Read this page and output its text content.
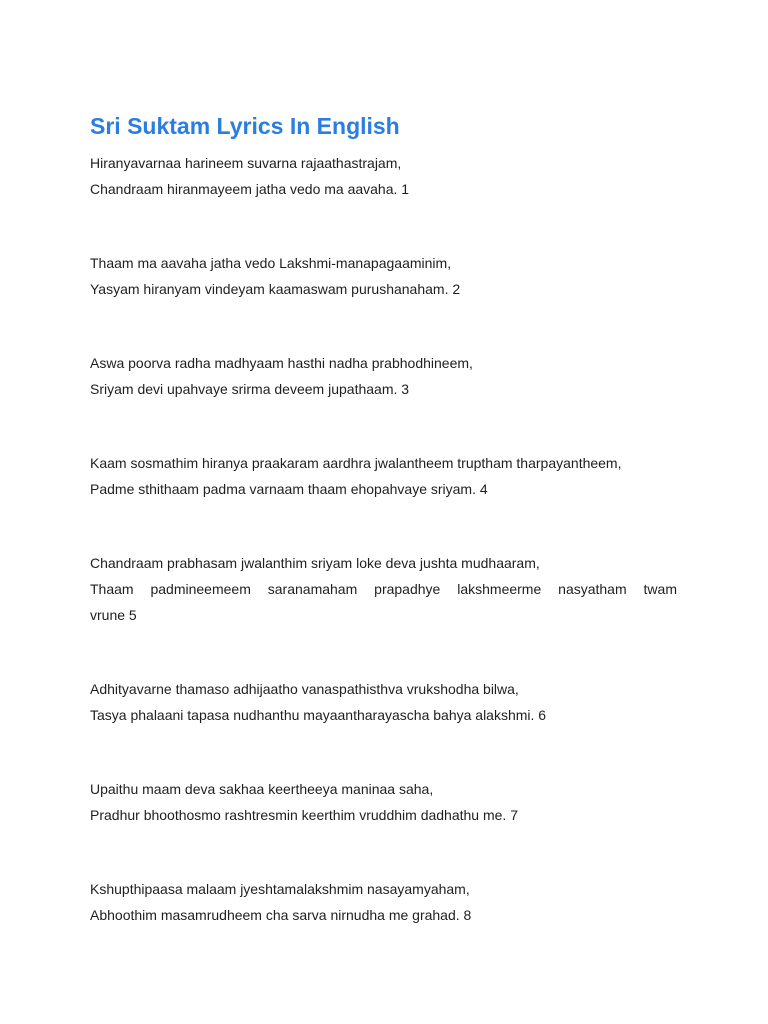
Sri Suktam Lyrics In English
Hiranyavarnaa harineem suvarna rajaathastrajam,
Chandraam hiranmayeem jatha vedo ma aavaha. 1
Thaam ma aavaha jatha vedo Lakshmi-manapagaaminim,
Yasyam hiranyam vindeyam kaamaswam purushanaham. 2
Aswa poorva radha madhyaam hasthi nadha prabhodhineem,
Sriyam devi upahvaye srirma deveem jupathaam. 3
Kaam sosmathim hiranya praakaram aardhra jwalantheem truptham tharpayantheem,
Padme sthithaam padma varnaam thaam ehopahvaye sriyam. 4
Chandraam prabhasam jwalanthim sriyam loke deva jushta mudhaaram,
Thaam padmineemeem saranamaham prapadhye lakshmeerme nasyatham twam
vrune 5
Adhityavarne thamaso adhijaatho vanaspathisthva vrukshodha bilwa,
Tasya phalaani tapasa nudhanthu mayaantharayascha bahya alakshmi. 6
Upaithu maam deva sakhaa keertheeya maninaa saha,
Pradhur bhoothosmo rashtresmin keerthim vruddhim dadhathu me. 7
Kshupthipaasa malaam jyeshtamalakshmim nasayamyaham,
Abhoothim masamrudheem cha sarva nirnudha me grahad. 8
